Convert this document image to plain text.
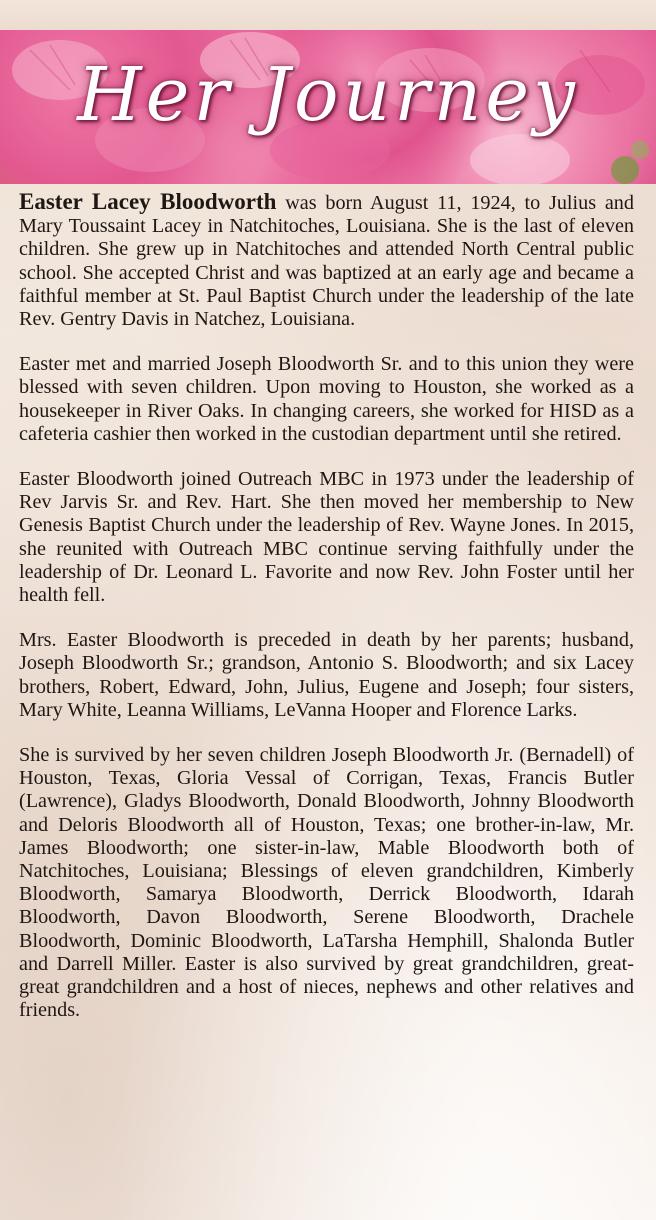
Her Journey

Easter Lacey Bloodworth was born August 11, 1924, to Julius and Mary Toussaint Lacey in Natchitoches, Louisiana. She is the last of eleven children. She grew up in Natchitoches and attended North Central public school. She accepted Christ and was baptized at an early age and became a faithful member at St. Paul Baptist Church under the leadership of the late Rev. Gentry Davis in Natchez, Louisiana.

Easter met and married Joseph Bloodworth Sr. and to this union they were blessed with seven children. Upon moving to Houston, she worked as a housekeeper in River Oaks. In changing careers, she worked for HISD as a cafeteria cashier then worked in the custodian department until she retired.

Easter Bloodworth joined Outreach MBC in 1973 under the leadership of Rev Jarvis Sr. and Rev. Hart. She then moved her membership to New Genesis Baptist Church under the leadership of Rev. Wayne Jones. In 2015, she reunited with Outreach MBC continue serving faithfully under the leadership of Dr. Leonard L. Favorite and now Rev. John Foster until her health fell.

Mrs. Easter Bloodworth is preceded in death by her parents; husband, Joseph Bloodworth Sr.; grandson, Antonio S. Bloodworth; and six Lacey brothers, Robert, Edward, John, Julius, Eugene and Joseph; four sisters, Mary White, Leanna Williams, LeVanna Hooper and Florence Larks.

She is survived by her seven children Joseph Bloodworth Jr. (Bernadell) of Houston, Texas, Gloria Vessal of Corrigan, Texas, Francis Butler (Lawrence), Gladys Bloodworth, Donald Bloodworth, Johnny Bloodworth and Deloris Bloodworth all of Houston, Texas; one brother-in-law, Mr. James Bloodworth; one sister-in-law, Mable Bloodworth both of Natchitoches, Louisiana; Blessings of eleven grandchildren, Kimberly Bloodworth, Samarya Bloodworth, Derrick Bloodworth, Idarah Bloodworth, Davon Bloodworth, Serene Bloodworth, Drachele Bloodworth, Dominic Bloodworth, LaTarsha Hemphill, Shalonda Butler and Darrell Miller. Easter is also survived by great grandchildren, great-great grandchildren and a host of nieces, nephews and other relatives and friends.
